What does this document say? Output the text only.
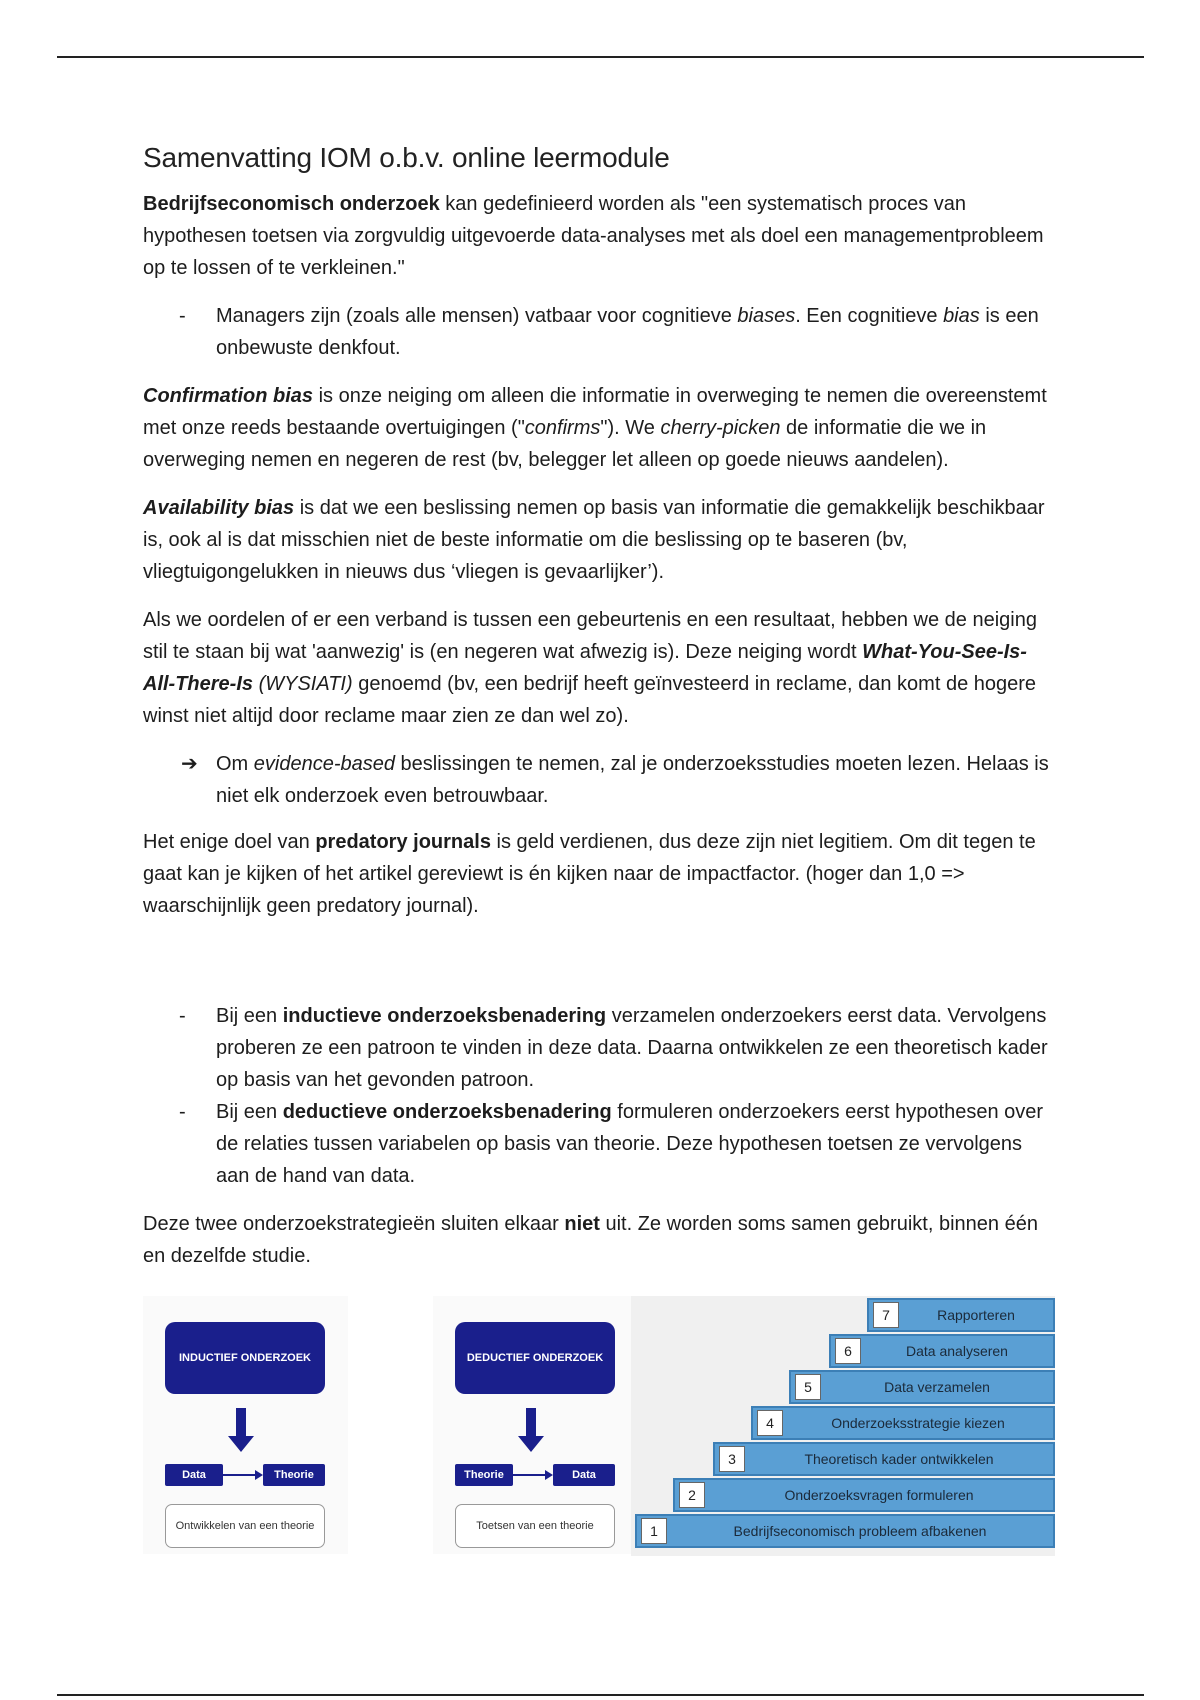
Samenvatting IOM o.b.v. online leermodule

Bedrijfseconomisch onderzoek kan gedefinieerd worden als "een systematisch proces van hypothesen toetsen via zorgvuldig uitgevoerde data-analyses met als doel een managementprobleem op te lossen of te verkleinen."

- Managers zijn (zoals alle mensen) vatbaar voor cognitieve biases. Een cognitieve bias is een onbewuste denkfout.

Confirmation bias is onze neiging om alleen die informatie in overweging te nemen die overeenstemt met onze reeds bestaande overtuigingen ("confirms"). We cherry-picken de informatie die we in overweging nemen en negeren de rest (bv, belegger let alleen op goede nieuws aandelen).

Availability bias is dat we een beslissing nemen op basis van informatie die gemakkelijk beschikbaar is, ook al is dat misschien niet de beste informatie om die beslissing op te baseren (bv, vliegtuigongelukken in nieuws dus ‘vliegen is gevaarlijker’).

Als we oordelen of er een verband is tussen een gebeurtenis en een resultaat, hebben we de neiging stil te staan bij wat 'aanwezig' is (en negeren wat afwezig is). Deze neiging wordt What-You-See-Is-All-There-Is (WYSIATI) genoemd (bv, een bedrijf heeft geïnvesteerd in reclame, dan komt de hogere winst niet altijd door reclame maar zien ze dan wel zo).

➔ Om evidence-based beslissingen te nemen, zal je onderzoeksstudies moeten lezen. Helaas is niet elk onderzoek even betrouwbaar.

Het enige doel van predatory journals is geld verdienen, dus deze zijn niet legitiem. Om dit tegen te gaat kan je kijken of het artikel gereviewt is én kijken naar de impactfactor. (hoger dan 1,0 => waarschijnlijk geen predatory journal).

- Bij een inductieve onderzoeksbenadering verzamelen onderzoekers eerst data. Vervolgens proberen ze een patroon te vinden in deze data. Daarna ontwikkelen ze een theoretisch kader op basis van het gevonden patroon.
- Bij een deductieve onderzoeksbenadering formuleren onderzoekers eerst hypothesen over de relaties tussen variabelen op basis van theorie. Deze hypothesen toetsen ze vervolgens aan de hand van data.

Deze twee onderzoekstrategieën sluiten elkaar niet uit. Ze worden soms samen gebruikt, binnen één en dezelfde studie.

INDUCTIEF ONDERZOEK
Data	Theorie
Ontwikkelen van een theorie
DEDUCTIEF ONDERZOEK
Theorie	Data
Toetsen van een theorie
7	Rapporteren
6	Data analyseren
5	Data verzamelen
4	Onderzoeksstrategie kiezen
3	Theoretisch kader ontwikkelen
2	Onderzoeksvragen formuleren
1	Bedrijfseconomisch probleem afbakenen
